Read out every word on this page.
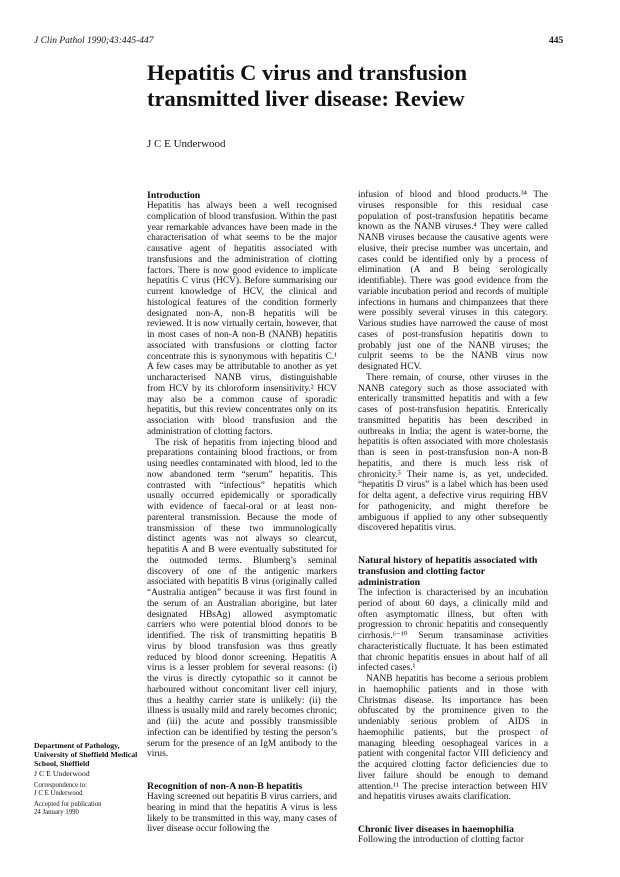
J Clin Pathol 1990;43:445-447	445
Hepatitis C virus and transfusion transmitted liver disease: Review
J C E Underwood
Introduction

Hepatitis has always been a well recognised complication of blood transfusion. Within the past year remarkable advances have been made in the characterisation of what seems to be the major causative agent of hepatitis associated with transfusions and the administration of clotting factors. There is now good evidence to implicate hepatitis C virus (HCV). Before summarising our current knowledge of HCV, the clinical and histological features of the condition formerly designated non-A, non-B hepatitis will be reviewed. It is now virtually certain, however, that in most cases of non-A non-B (NANB) hepatitis associated with transfusions or clotting factor concentrate this is synonymous with hepatitis C.¹ A few cases may be attributable to another as yet uncharacterised NANB virus, distinguishable from HCV by its chloroform insensitivity.² HCV may also be a common cause of sporadic hepatitis, but this review concentrates only on its association with blood transfusion and the administration of clotting factors.

The risk of hepatitis from injecting blood and preparations containing blood fractions, or from using needles contaminated with blood, led to the now abandoned term “serum” hepatitis. This contrasted with “infectious” hepatitis which usually occurred epidemically or sporadically with evidence of faecal-oral or at least non-parenteral transmission. Because the mode of transmission of these two immunologically distinct agents was not always so clearcut, hepatitis A and B were eventually substituted for the outmoded terms. Blumberg’s seminal discovery of one of the antigenic markers associated with hepatitis B virus (originally called “Australia antigen” because it was first found in the serum of an Australian aborigine, but later designated HBsAg) allowed asymptomatic carriers who were potential blood donors to be identified. The risk of transmitting hepatitis B virus by blood transfusion was thus greatly reduced by blood donor screening. Hepatitis A virus is a lesser problem for several reasons: (i) the virus is directly cytopathic so it cannot be harboured without concomitant liver cell injury, thus a healthy carrier state is unlikely: (ii) the illness is usually mild and rarely becomes chronic; and (iii) the acute and possibly transmissible infection can be identified by testing the person’s serum for the presence of an IgM antibody to the virus.

Recognition of non-A non-B hepatitis

Having screened out hepatitis B virus carriers, and bearing in mind that the hepatitis A virus is less likely to be transmitted in this way, many cases of liver disease occur following the

infusion of blood and blood products.³⁴ The viruses responsible for this residual case population of post-transfusion hepatitis became known as the NANB viruses.⁴ They were called NANB viruses because the causative agents were elusive, their precise number was uncertain, and cases could be identified only by a process of elimination (A and B being serologically identifiable). There was good evidence from the variable incubation period and records of multiple infections in humans and chimpanzees that there were possibly several viruses in this category. Various studies have narrowed the cause of most cases of post-transfusion hepatitis down to probably just one of the NANB viruses; the culprit seems to be the NANB virus now designated HCV.

There remain, of course, other viruses in the NANB category such as those associated with enterically transmitted hepatitis and with a few cases of post-transfusion hepatitis. Enterically transmitted hepatitis has been described in outbreaks in India; the agent is water-borne, the hepatitis is often associated with more cholestasis than is seen in post-transfusion non-A non-B hepatitis, and there is much less risk of chronicity.⁵ Their name is, as yet, undecided. “hepatitis D virus” is a label which has been used for delta agent, a defective virus requiring HBV for pathogenicity, and might therefore be ambiguous if applied to any other subsequently discovered hepatitis virus.

Natural history of hepatitis associated with transfusion and clotting factor administration

The infection is characterised by an incubation period of about 60 days, a clinically mild and often asymptomatic illness, but often with progression to chronic hepatitis and consequently cirrhosis.⁶⁻¹⁰ Serum transaminase activities characteristically fluctuate. It has been estimated that chronic hepatitis ensues in about half of all infected cases.¹

NANB hepatitis has become a serious problem in haemophilic patients and in those with Christmas disease. Its importance has been obfuscated by the prominence given to the undeniably serious problem of AIDS in haemophilic patients, but the prospect of managing bleeding oesophageal varices in a patient with congenital factor VIII deficiency and the acquired clotting factor deficiencies due to liver failure should be enough to demand attention.¹¹ The precise interaction between HIV and hepatitis viruses awaits clarification.

Chronic liver diseases in haemophilia

Following the introduction of clotting factor

Department of Pathology, University of Sheffield Medical School, Sheffield
J C E Underwood
Correspondence to:
J C E Underwood
Accepted for publication
24 January 1990
